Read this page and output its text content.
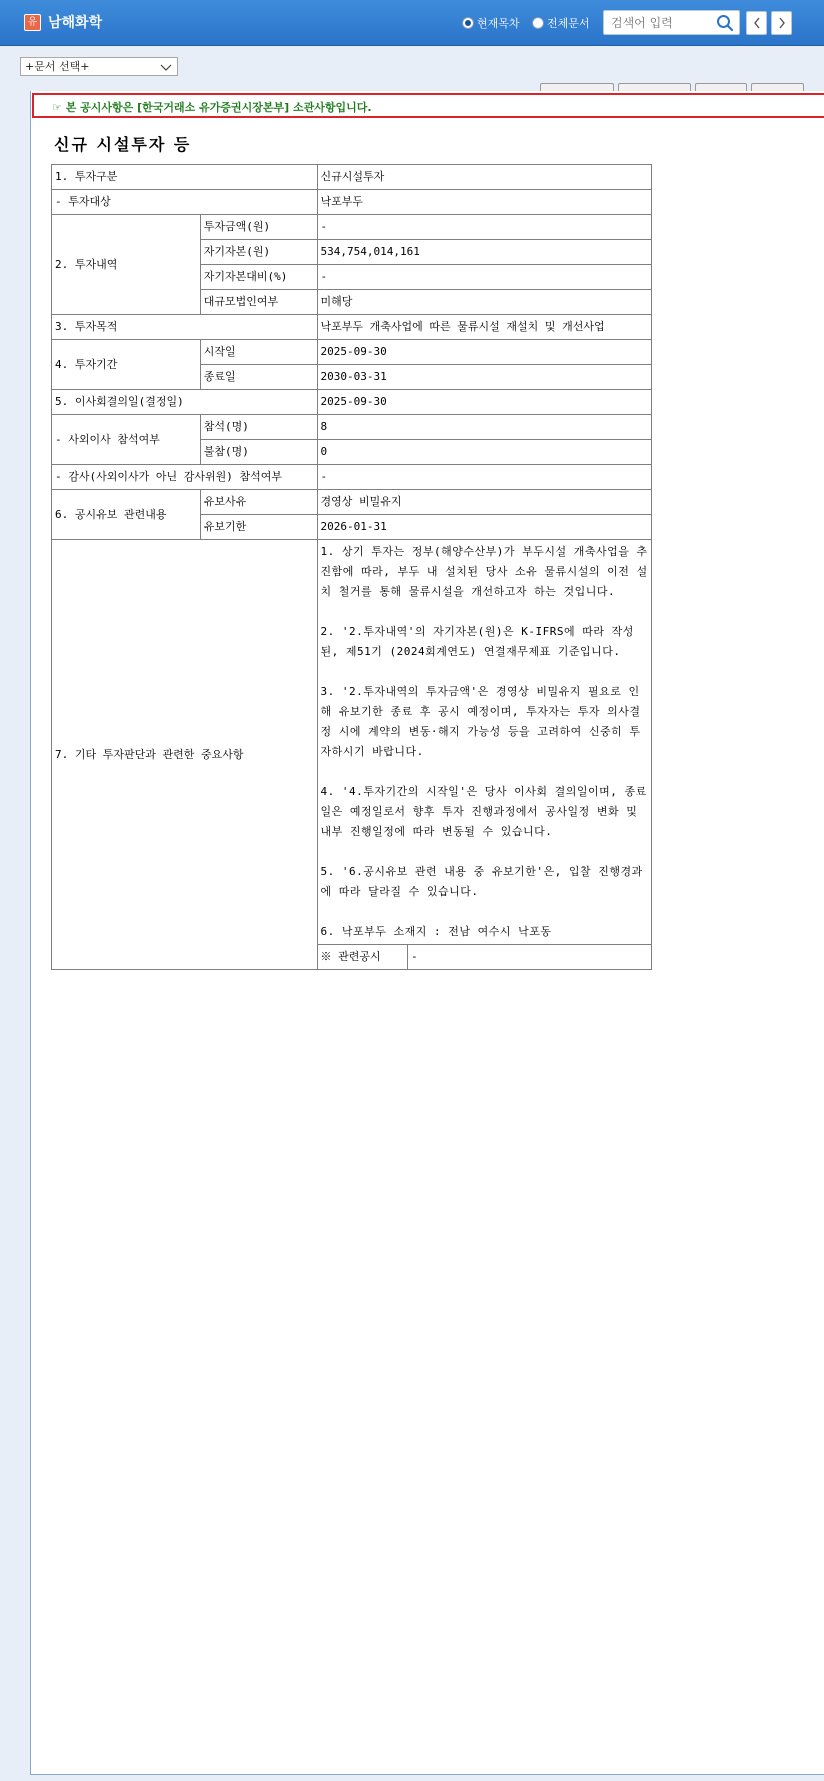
유 남해화학	현재목차 전체문서
검색어 입력
+문서 선택+
☞ 본 공시사항은 [한국거래소 유가증권시장본부] 소관사항입니다.
신규 시설투자 등
1. 투자구분	신규시설투자
- 투자대상	낙포부두
2. 투자내역	투자금액(원)	-
자기자본(원)	534,754,014,161
자기자본대비(%)	-
대규모법인여부	미해당
3. 투자목적	낙포부두 개축사업에 따른 물류시설 재설치 및 개선사업
4. 투자기간	시작일	2025-09-30
종료일	2030-03-31
5. 이사회결의일(결정일)	2025-09-30
- 사외이사 참석여부	참석(명)	8
불참(명)	0
- 감사(사외이사가 아닌 감사위원) 참석여부	-
6. 공시유보 관련내용	유보사유	경영상 비밀유지
유보기한	2026-01-31
7. 기타 투자판단과 관련한 중요사항	1. 상기 투자는 정부(해양수산부)가 부두시설 개축사업을 추진함에 따라, 부두 내 설치된 당사 소유 물류시설의 이전 설치 철거를 통해 물류시설을 개선하고자 하는 것입니다.

2. '2.투자내역'의 자기자본(원)은 K-IFRS에 따라 작성된, 제51기 (2024회계연도) 연결재무제표 기준입니다.

3. '2.투자내역의 투자금액'은 경영상 비밀유지 필요로 인해 유보기한 종료 후 공시 예정이며, 투자자는 투자 의사결정 시에 계약의 변동·해지 가능성 등을 고려하여 신중히 투자하시기 바랍니다.

4. '4.투자기간의 시작일'은 당사 이사회 결의일이며, 종료일은 예정일로서 향후 투자 진행과정에서 공사일정 변화 및 내부 진행일정에 따라 변동될 수 있습니다.

5. '6.공시유보 관련 내용 중 유보기한'은, 입찰 진행경과에 따라 달라질 수 있습니다.

6. 낙포부두 소재지 : 전남 여수시 낙포동

※ 관련공시	-
